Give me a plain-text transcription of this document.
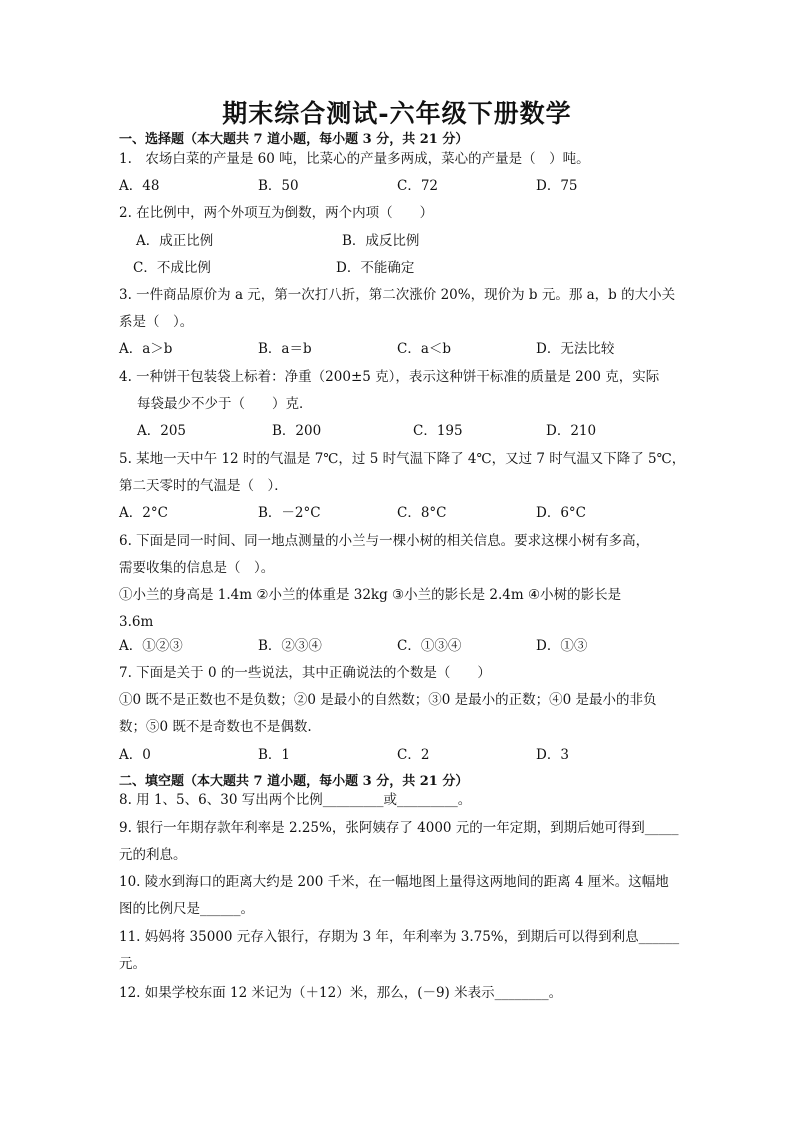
期末综合测试-六年级下册数学
一、选择题（本大题共 7 道小题，每小题 3 分，共 21 分）
1.　农场白菜的产量是 60 吨，比菜心的产量多两成，菜心的产量是（　）吨。
A．48	B．50	C．72	D．75
2. 在比例中，两个外项互为倒数，两个内项（　　）
A．成正比例	B．成反比例
C．不成比例	D．不能确定
3. 一件商品原价为 a 元，第一次打八折，第二次涨价 20%，现价为 b 元。那 a，b 的大小关
系是（　）。
A．a＞b	B．a＝b	C．a＜b	D．无法比较
4. 一种饼干包装袋上标着：净重（200±5 克），表示这种饼干标准的质量是 200 克，实际
每袋最少不少于（　　）克．
A．205	B．200	C．195	D．210
5. 某地一天中午 12 时的气温是 7℃，过 5 时气温下降了 4℃，又过 7 时气温又下降了 5℃，
第二天零时的气温是（　）．
A．2°C	B．－2°C	C．8°C	D．6°C
6. 下面是同一时间、同一地点测量的小兰与一棵小树的相关信息。要求这棵小树有多高，
需要收集的信息是（　）。
①小兰的身高是 1.4m ②小兰的体重是 32kg ③小兰的影长是 2.4m ④小树的影长是
3.6m
A．①②③	B．②③④	C．①③④	D．①③
7. 下面是关于 0 的一些说法，其中正确说法的个数是（　　）
①0 既不是正数也不是负数；②0 是最小的自然数；③0 是最小的正数；④0 是最小的非负
数；⑤0 既不是奇数也不是偶数.
A．0	B．1	C．2	D．3
二、填空题（本大题共 7 道小题，每小题 3 分，共 21 分）
8. 用 1、5、6、30 写出两个比例_________或_________。
9. 银行一年期存款年利率是 2.25%，张阿姨存了 4000 元的一年定期，到期后她可得到_____
元的利息。
10. 陵水到海口的距离大约是 200 千米，在一幅地图上量得这两地间的距离 4 厘米。这幅地
图的比例尺是______。
11. 妈妈将 35000 元存入银行，存期为 3 年，年利率为 3.75%，到期后可以得到利息______
元。
12. 如果学校东面 12 米记为（＋12）米，那么，(－9) 米表示________。
